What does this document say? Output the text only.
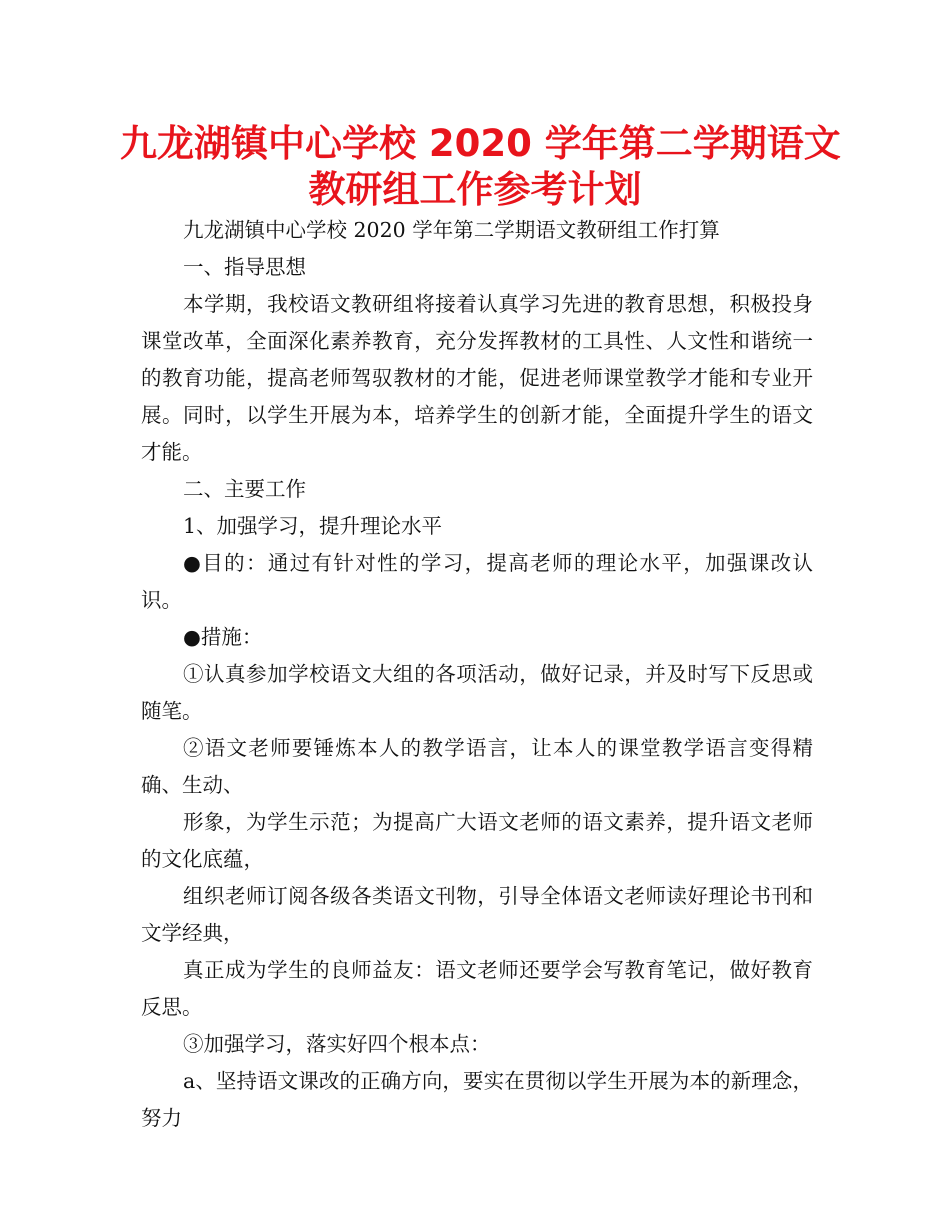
九龙湖镇中心学校 2020 学年第二学期语文
教研组工作参考计划

九龙湖镇中心学校 2020 学年第二学期语文教研组工作打算

一、指导思想

本学期，我校语文教研组将接着认真学习先进的教育思想，积极投身课堂改革，全面深化素养教育，充分发挥教材的工具性、人文性和谐统一的教育功能，提高老师驾驭教材的才能，促进老师课堂教学才能和专业开展。同时，以学生开展为本，培养学生的创新才能，全面提升学生的语文才能。

二、主要工作

1、加强学习，提升理论水平

●目的：通过有针对性的学习，提高老师的理论水平，加强课改认识。

●措施：

①认真参加学校语文大组的各项活动，做好记录，并及时写下反思或随笔。

②语文老师要锤炼本人的教学语言，让本人的课堂教学语言变得精确、生动、

形象，为学生示范；为提高广大语文老师的语文素养，提升语文老师的文化底蕴，

组织老师订阅各级各类语文刊物，引导全体语文老师读好理论书刊和文学经典，

真正成为学生的良师益友：语文老师还要学会写教育笔记，做好教育反思。

③加强学习，落实好四个根本点：

a、坚持语文课改的正确方向，要实在贯彻以学生开展为本的新理念，努力
